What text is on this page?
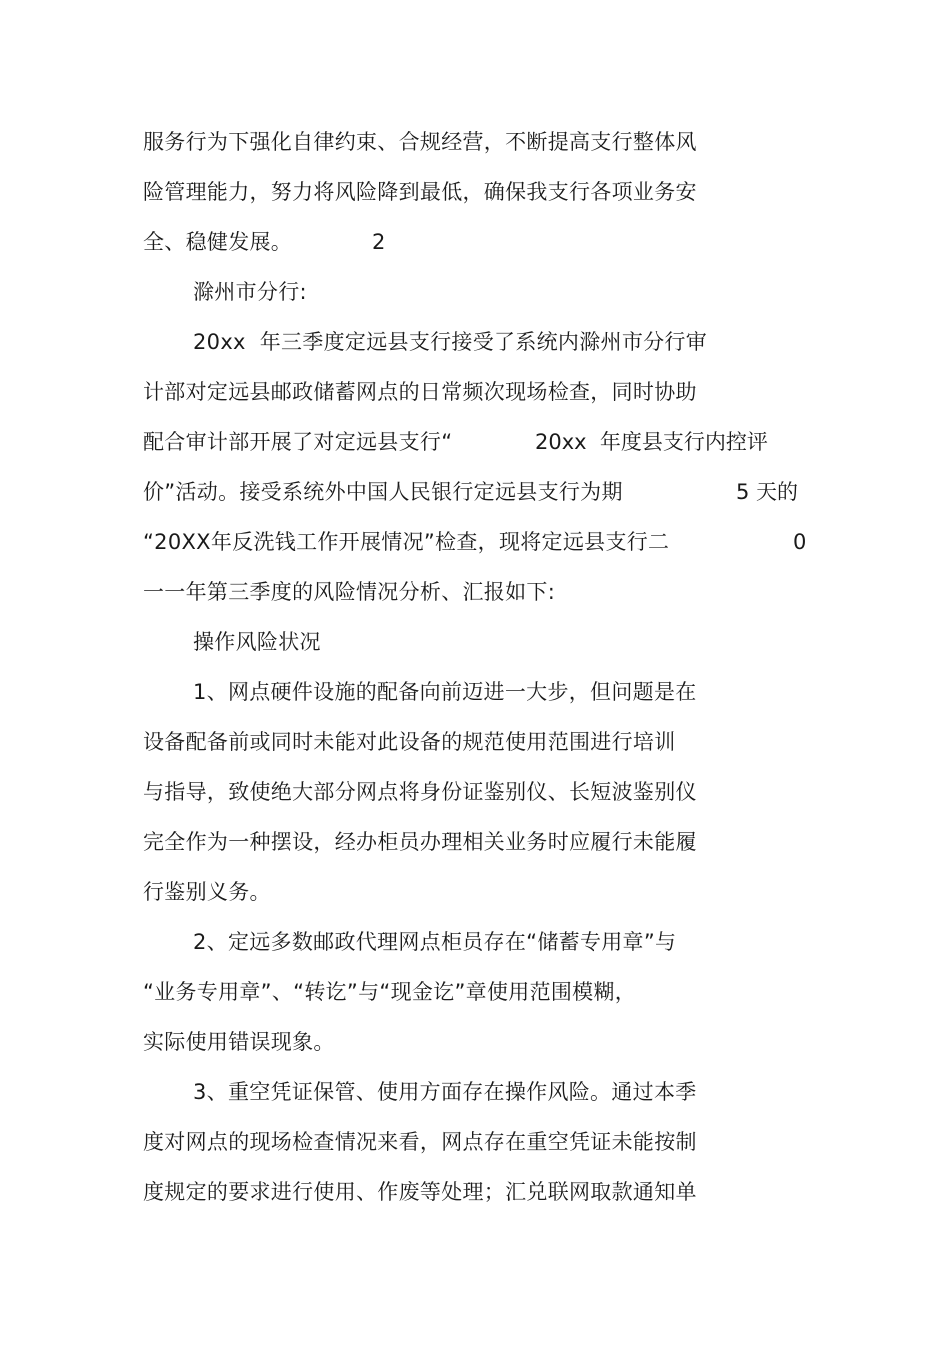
服务行为下强化自律约束、合规经营，不断提高支行整体风
险管理能力，努力将风险降到最低，确保我支行各项业务安
全、稳健发展。	2
滁州市分行:
20xx  年三季度定远县支行接受了系统内滁州市分行审
计部对定远县邮政储蓄网点的日常频次现场检查，同时协助
配合审计部开展了对定远县支行“	20xx  年度县支行内控评
价”活动。接受系统外中国人民银行定远县支行为期	5 天的
“20XX年反洗钱工作开展情况”检查，现将定远县支行二	0
一一年第三季度的风险情况分析、汇报如下:
操作风险状况
1、网点硬件设施的配备向前迈进一大步，但问题是在
设备配备前或同时未能对此设备的规范使用范围进行培训
与指导，致使绝大部分网点将身份证鉴别仪、长短波鉴别仪
完全作为一种摆设，经办柜员办理相关业务时应履行未能履
行鉴别义务。
2、定远多数邮政代理网点柜员存在“储蓄专用章”与
“业务专用章”、“转讫”与“现金讫”章使用范围模糊，
实际使用错误现象。
3、重空凭证保管、使用方面存在操作风险。通过本季
度对网点的现场检查情况来看，网点存在重空凭证未能按制
度规定的要求进行使用、作废等处理；汇兑联网取款通知单
